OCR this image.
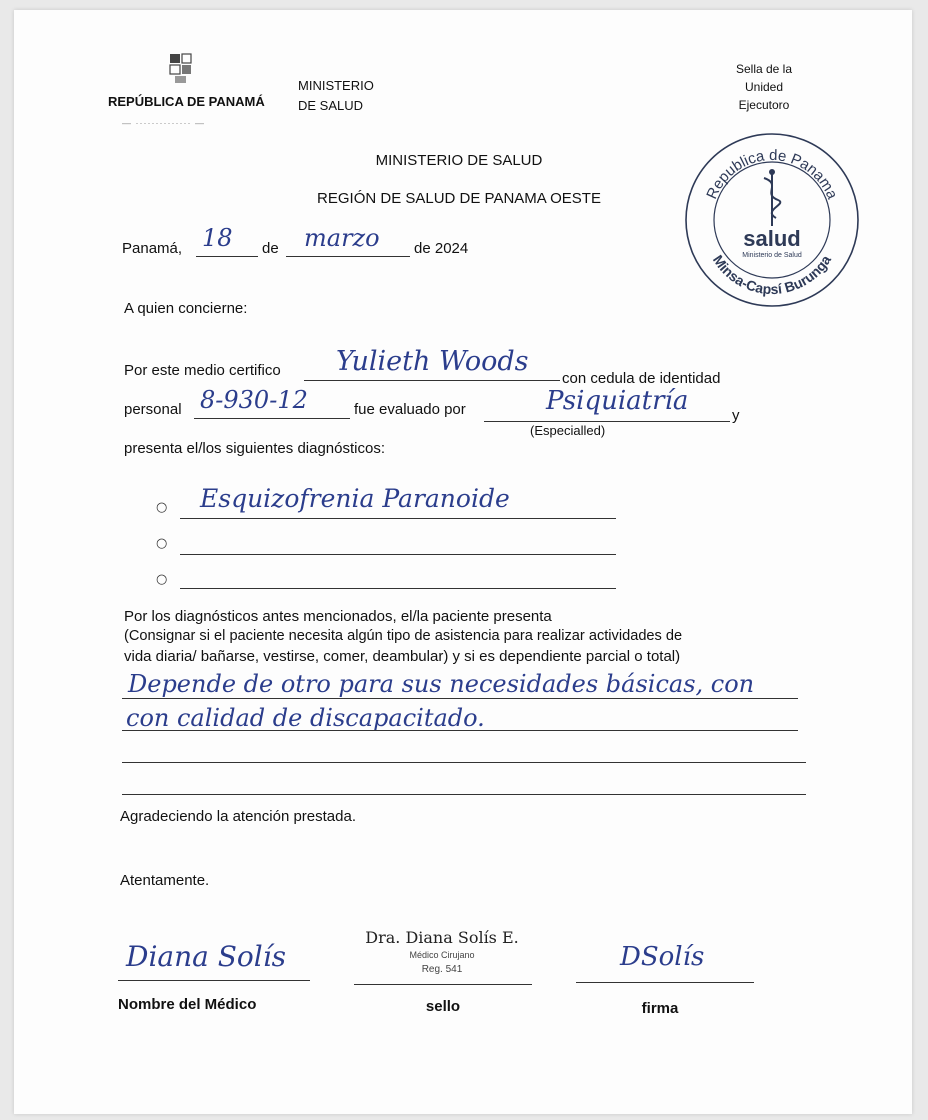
REPÚBLICA DE PANAMÁ
— ·············· —
MINISTERIO
DE SALUD
Sella de la
Unided
Ejecutoro
Republica de Panama
Minsa-Capsí Burunga
salud
Ministerio de Salud
MINISTERIO DE SALUD
REGIÓN DE SALUD DE PANAMA OESTE
Panamá, 18 de marzo de 2024
A quien concierne:
Por este medio certifico Yulieth Woods
con cedula de identidad
personal 8-930-12	fue evaluado por	Psiquiatría	y
(Especialled)
presenta el/los siguientes diagnósticos:
○ Esquizofrenia Paranoide
○
○
Por los diagnósticos antes mencionados, el/la paciente presenta
(Consignar si el paciente necesita algún tipo de asistencia para realizar actividades de
vida diaria/ bañarse, vestirse, comer, deambular) y si es dependiente parcial o total)
Depende de otro para sus necesidades básicas, con
con calidad de discapacitado.
Agradeciendo la atención prestada.
Atentamente.
Diana Solís
Nombre del Médico
Dra. Diana Solís E.
Médico Cirujano
Reg. 541
sello
DSolís
firma
